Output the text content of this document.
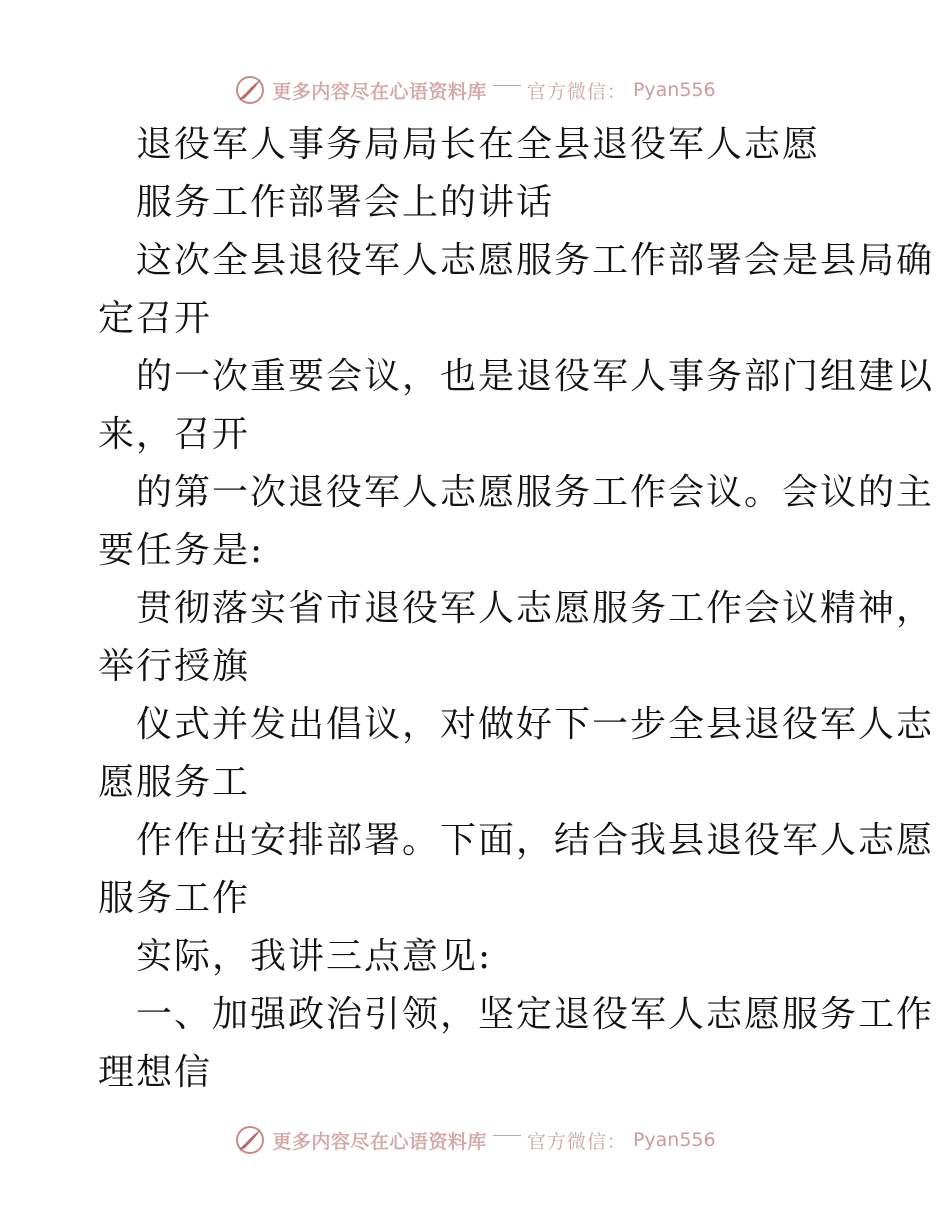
更多内容尽在心语资料库 官方微信： Pyan556
退役军人事务局局长在全县退役军人志愿
服务工作部署会上的讲话
这次全县退役军人志愿服务工作部署会是县局确
定召开
的一次重要会议，也是退役军人事务部门组建以
来，召开
的第一次退役军人志愿服务工作会议。会议的主
要任务是:
贯彻落实省市退役军人志愿服务工作会议精神，
举行授旗
仪式并发出倡议，对做好下一步全县退役军人志
愿服务工
作作出安排部署。下面，结合我县退役军人志愿
服务工作
实际，我讲三点意见:
一、加强政治引领，坚定退役军人志愿服务工作
理想信
更多内容尽在心语资料库 官方微信： Pyan556
